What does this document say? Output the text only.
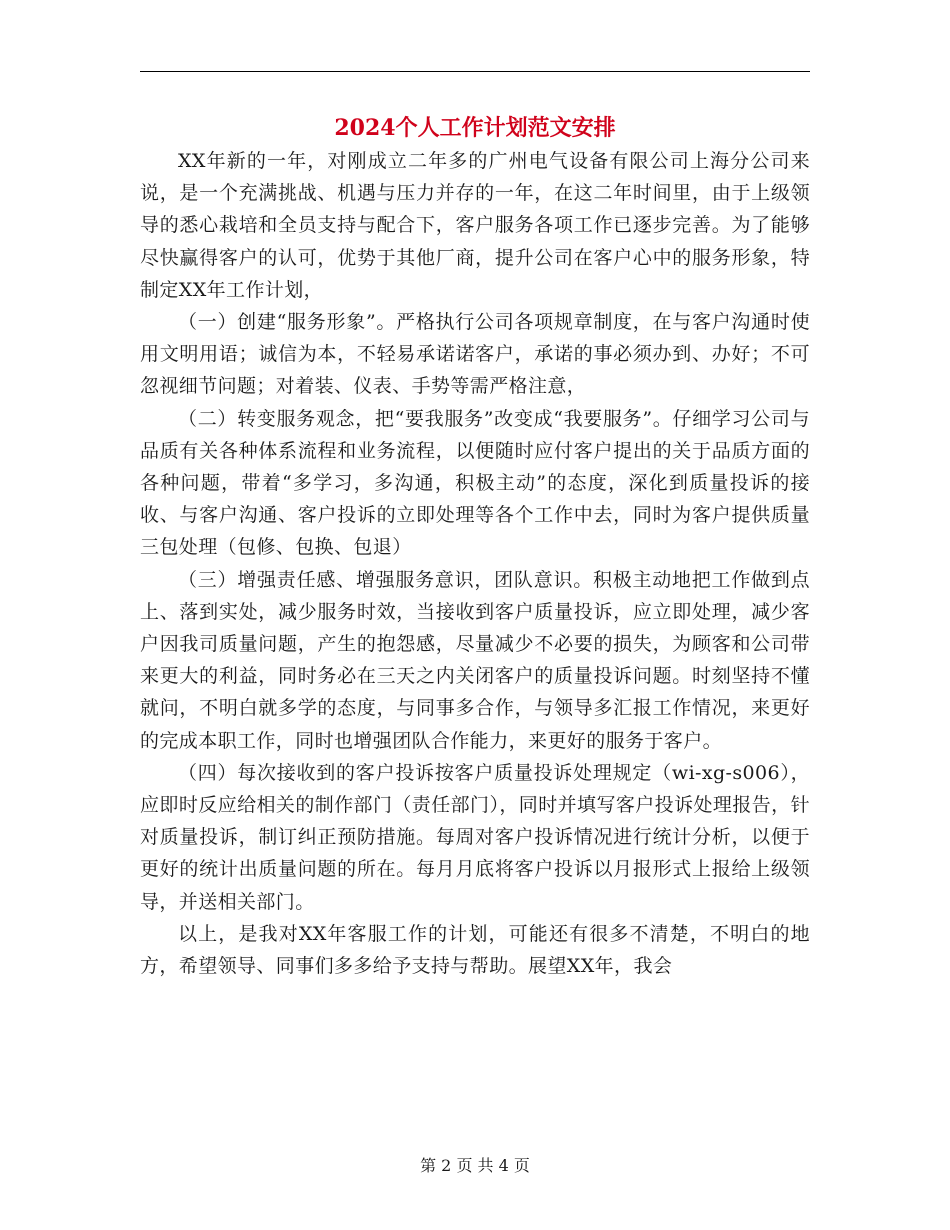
2024个人工作计划范文安排

XX年新的一年，对刚成立二年多的广州电气设备有限公司上海分公司来说，是一个充满挑战、机遇与压力并存的一年，在这二年时间里，由于上级领导的悉心栽培和全员支持与配合下，客户服务各项工作已逐步完善。为了能够尽快赢得客户的认可，优势于其他厂商，提升公司在客户心中的服务形象，特制定XX年工作计划，

（一）创建“服务形象”。严格执行公司各项规章制度，在与客户沟通时使用文明用语；诚信为本，不轻易承诺诺客户，承诺的事必须办到、办好；不可忽视细节问题；对着装、仪表、手势等需严格注意，

（二）转变服务观念，把“要我服务”改变成“我要服务”。仔细学习公司与品质有关各种体系流程和业务流程，以便随时应付客户提出的关于品质方面的各种问题，带着“多学习，多沟通，积极主动”的态度，深化到质量投诉的接收、与客户沟通、客户投诉的立即处理等各个工作中去，同时为客户提供质量三包处理（包修、包换、包退）

（三）增强责任感、增强服务意识，团队意识。积极主动地把工作做到点上、落到实处，减少服务时效，当接收到客户质量投诉，应立即处理，减少客户因我司质量问题，产生的抱怨感，尽量减少不必要的损失，为顾客和公司带来更大的利益，同时务必在三天之内关闭客户的质量投诉问题。时刻坚持不懂就问，不明白就多学的态度，与同事多合作，与领导多汇报工作情况，来更好的完成本职工作，同时也增强团队合作能力，来更好的服务于客户。

（四）每次接收到的客户投诉按客户质量投诉处理规定（wi-xg-s006），应即时反应给相关的制作部门（责任部门），同时并填写客户投诉处理报告，针对质量投诉，制订纠正预防措施。每周对客户投诉情况进行统计分析，以便于更好的统计出质量问题的所在。每月月底将客户投诉以月报形式上报给上级领导，并送相关部门。

以上，是我对XX年客服工作的计划，可能还有很多不清楚，不明白的地方，希望领导、同事们多多给予支持与帮助。展望XX年，我会

第 2 页 共 4 页
